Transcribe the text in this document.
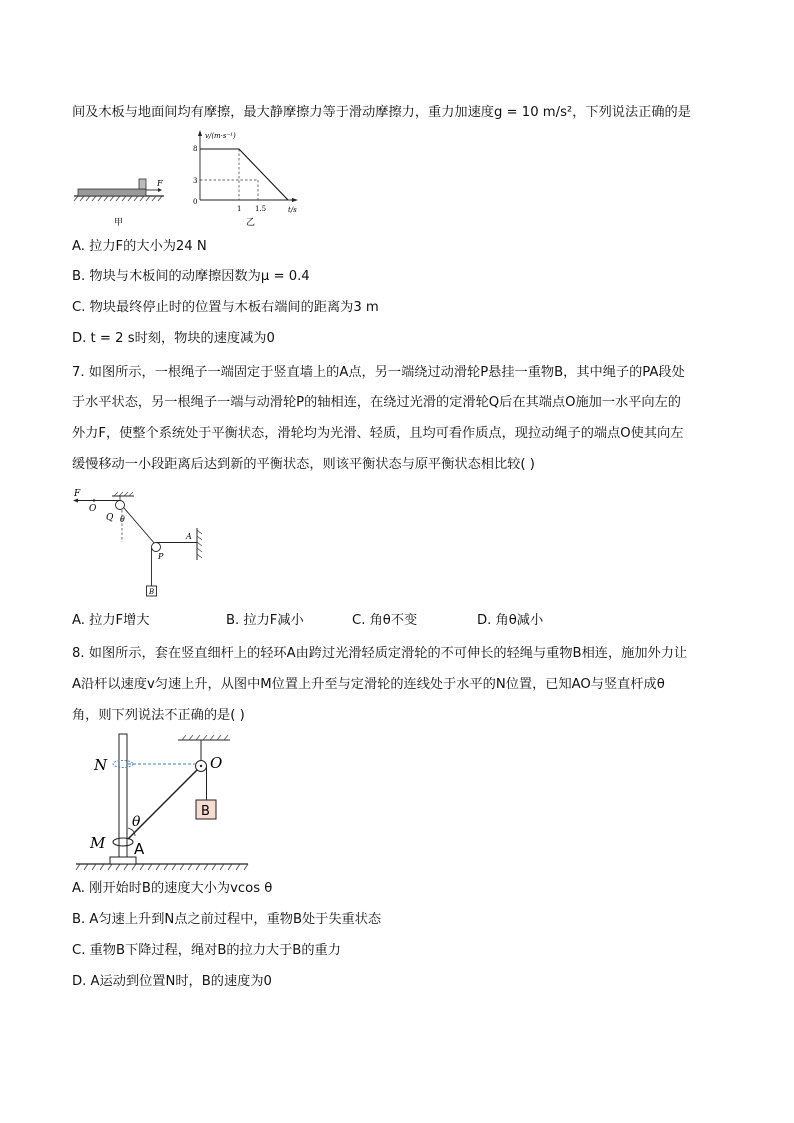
间及木板与地面间均有摩擦，最大静摩擦力等于滑动摩擦力，重力加速度g = 10 m/s²，下列说法正确的是
F
甲
v/(m·s⁻¹)
t/s
0
8
3
1 1.5
乙
A. 拉力F的大小为24 N
B. 物块与木板间的动摩擦因数为μ = 0.4
C. 物块最终停止时的位置与木板右端间的距离为3 m
D. t = 2 s时刻，物块的速度减为0
7. 如图所示，一根绳子一端固定于竖直墙上的A点，另一端绕过动滑轮P悬挂一重物B，其中绳子的PA段处
于水平状态，另一根绳子一端与动滑轮P的轴相连，在绕过光滑的定滑轮Q后在其端点O施加一水平向左的
外力F，使整个系统处于平衡状态，滑轮均为光滑、轻质，且均可看作质点，现拉动绳子的端点O使其向左
缓慢移动一小段距离后达到新的平衡状态，则该平衡状态与原平衡状态相比较( )
F
O
Q θ
P
A
B
A. 拉力F增大	B. 拉力F减小	C. 角θ不变	D. 角θ减小
8. 如图所示，套在竖直细杆上的轻环A由跨过光滑轻质定滑轮的不可伸长的轻绳与重物B相连，施加外力让
A沿杆以速度v匀速上升，从图中M位置上升至与定滑轮的连线处于水平的N位置，已知AO与竖直杆成θ
角，则下列说法不正确的是( )
O
N
B
θ
M A
A. 刚开始时B的速度大小为vcos θ
B. A匀速上升到N点之前过程中，重物B处于失重状态
C. 重物B下降过程，绳对B的拉力大于B的重力
D. A运动到位置N时，B的速度为0
